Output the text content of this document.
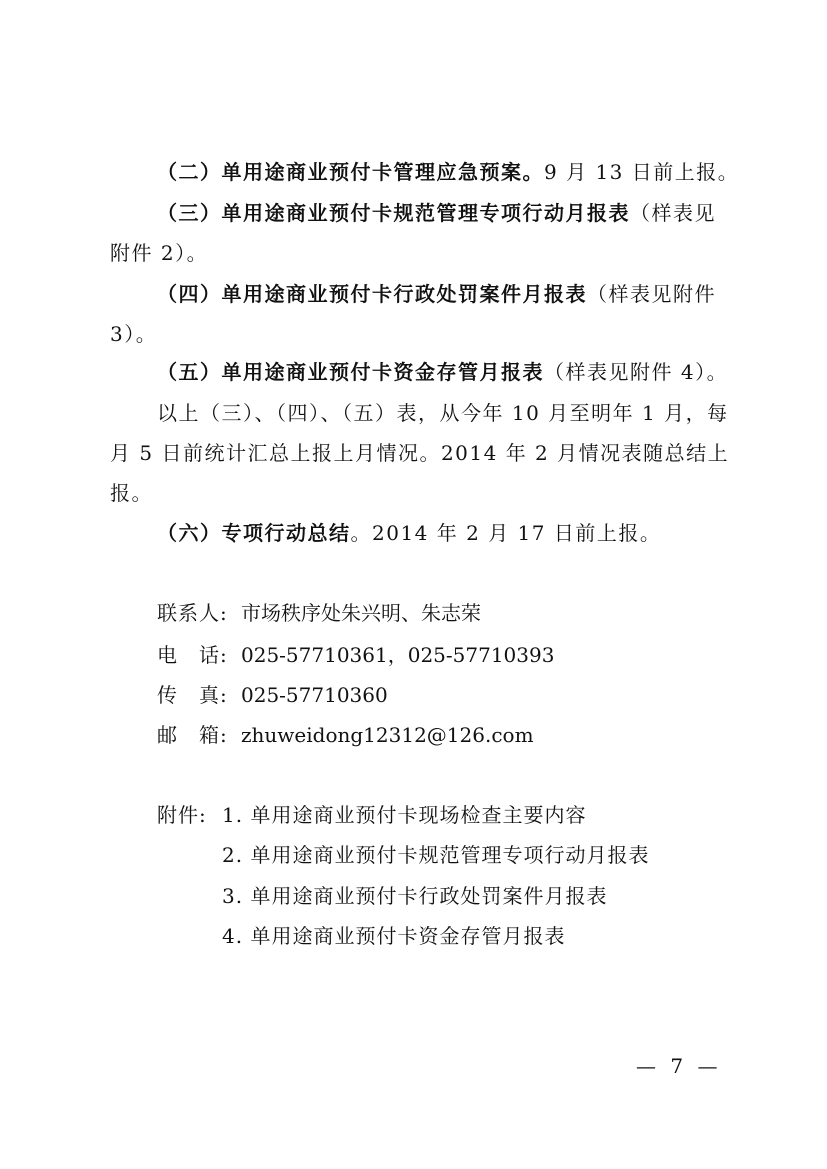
（二）单用途商业预付卡管理应急预案。9 月 13 日前上报。
（三）单用途商业预付卡规范管理专项行动月报表（样表见
附件 2）。
（四）单用途商业预付卡行政处罚案件月报表（样表见附件
3）。
（五）单用途商业预付卡资金存管月报表（样表见附件 4）。
以上（三）、（四）、（五）表，从今年 10 月至明年 1 月，每
月 5 日前统计汇总上报上月情况。2014 年 2 月情况表随总结上
报。
（六）专项行动总结。2014 年 2 月 17 日前上报。
联系人: 市场秩序处朱兴明、朱志荣
电　话: 025-57710361，025-57710393
传　真: 025-57710360
邮　箱: zhuweidong12312@126.com
附件: 1. 单用途商业预付卡现场检查主要内容
2. 单用途商业预付卡规范管理专项行动月报表
3. 单用途商业预付卡行政处罚案件月报表
4. 单用途商业预付卡资金存管月报表
— 7 —
